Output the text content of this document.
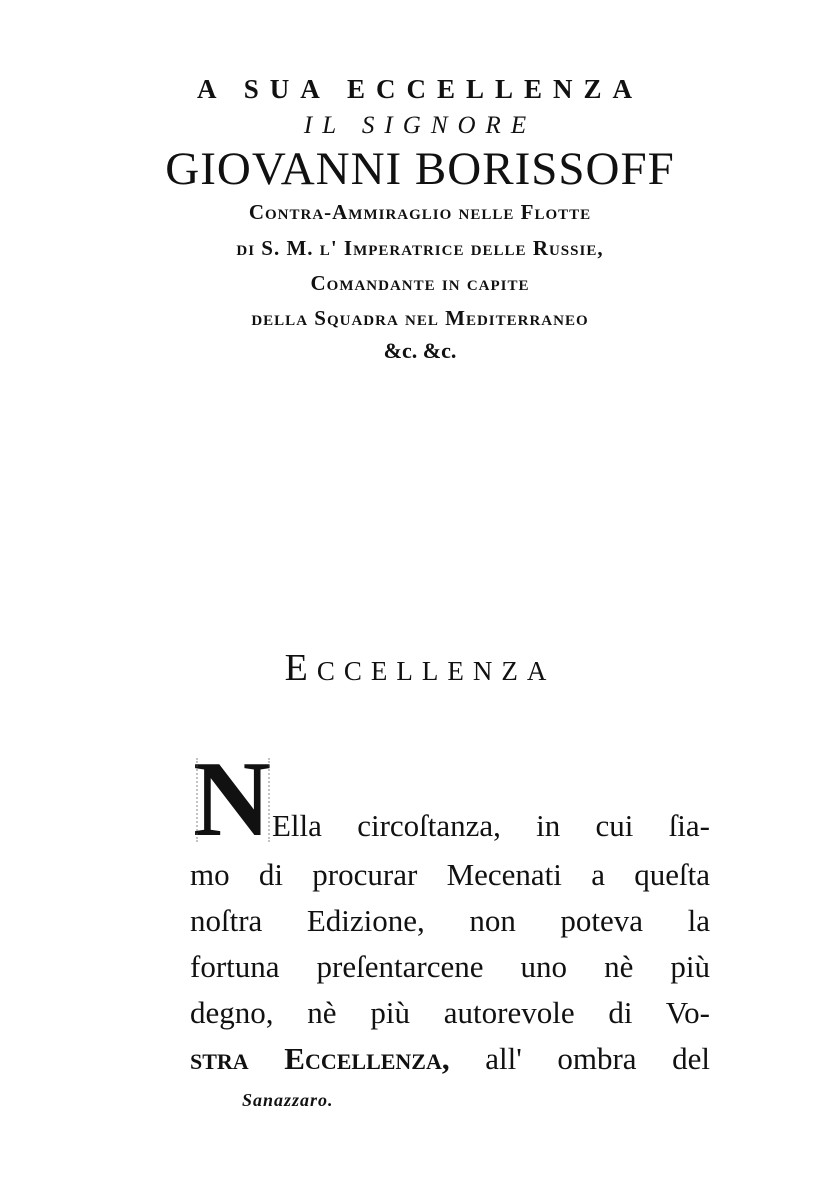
A SUA ECCELLENZA
IL SIGNORE
GIOVANNI BORISSOFF
Contra-Ammiraglio nelle Flotte
di S. M. l' Imperatrice delle Russie,
Comandante in capite
della Squadra nel Mediterraneo
&c. &c.
Eccellenza
N Ella circoſtanza, in cui ſia-
mo di procurar Mecenati a queſta
noſtra Edizione, non poteva la
fortuna preſentarcene uno nè più
degno, nè più autorevole di Vo-
stra Eccellenza, all' ombra del
Sanazzaro.
